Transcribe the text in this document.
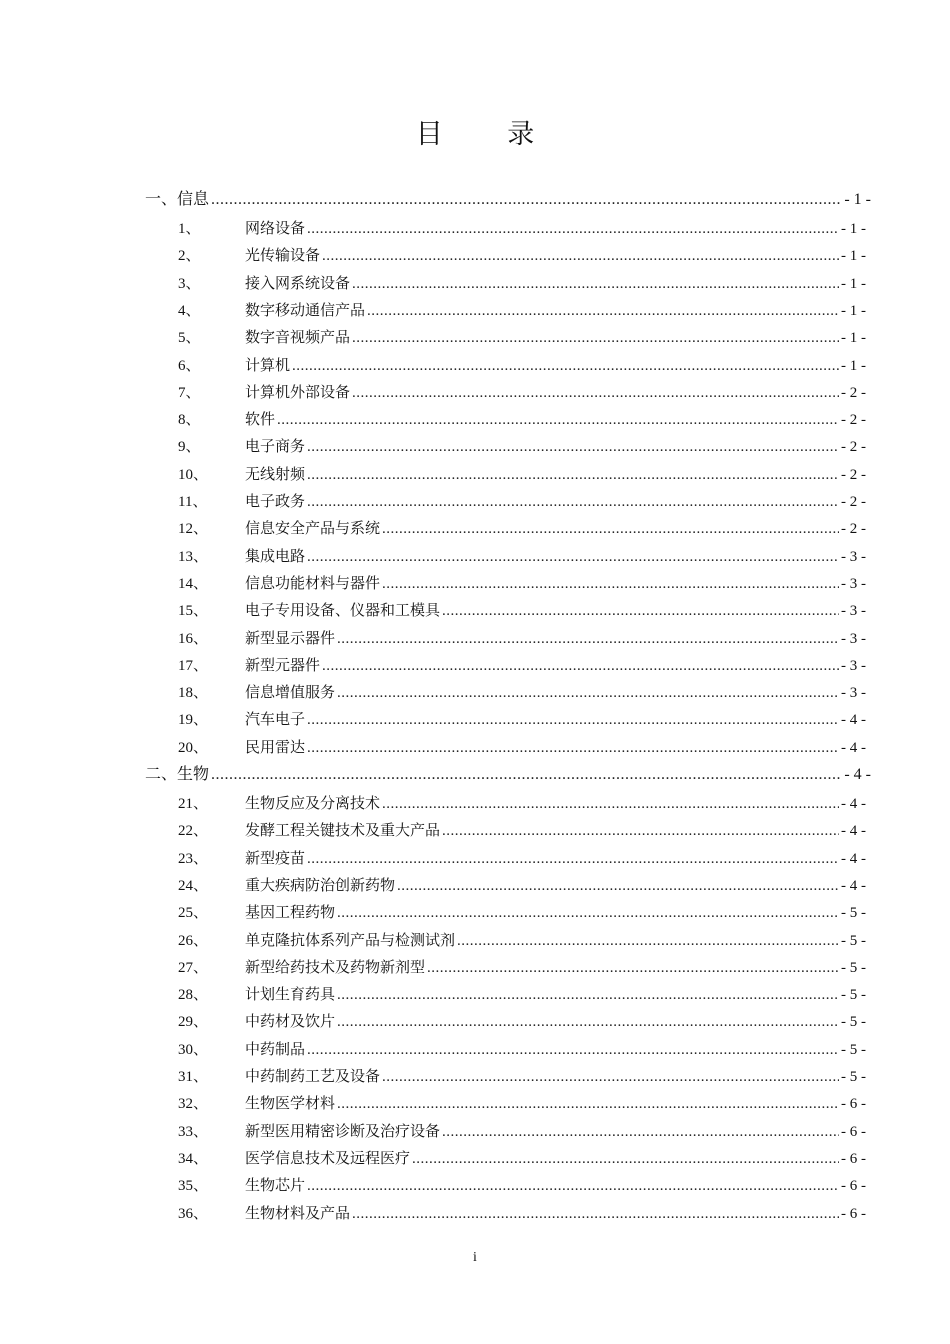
目 录
一、信息 .....	- 1 -
1、	网络设备 .....	- 1 -
2、	光传输设备 .....	- 1 -
3、	接入网系统设备 .....	- 1 -
4、	数字移动通信产品 .....	- 1 -
5、	数字音视频产品 .....	- 1 -
6、	计算机 .....	- 1 -
7、	计算机外部设备 .....	- 2 -
8、	软件 .....	- 2 -
9、	电子商务 .....	- 2 -
10、	无线射频 .....	- 2 -
11、	电子政务 .....	- 2 -
12、	信息安全产品与系统 .....	- 2 -
13、	集成电路 .....	- 3 -
14、	信息功能材料与器件 .....	- 3 -
15、	电子专用设备、仪器和工模具 .....	- 3 -
16、	新型显示器件 .....	- 3 -
17、	新型元器件 .....	- 3 -
18、	信息增值服务 .....	- 3 -
19、	汽车电子 .....	- 4 -
20、	民用雷达 .....	- 4 -
二、生物 .....	- 4 -
21、	生物反应及分离技术 .....	- 4 -
22、	发酵工程关键技术及重大产品 .....	- 4 -
23、	新型疫苗 .....	- 4 -
24、	重大疾病防治创新药物 .....	- 4 -
25、	基因工程药物 .....	- 5 -
26、	单克隆抗体系列产品与检测试剂 .....	- 5 -
27、	新型给药技术及药物新剂型 .....	- 5 -
28、	计划生育药具 .....	- 5 -
29、	中药材及饮片 .....	- 5 -
30、	中药制品 .....	- 5 -
31、	中药制药工艺及设备 .....	- 5 -
32、	生物医学材料 .....	- 6 -
33、	新型医用精密诊断及治疗设备 .....	- 6 -
34、	医学信息技术及远程医疗 .....	- 6 -
35、	生物芯片 .....	- 6 -
36、	生物材料及产品 .....	- 6 -
i
